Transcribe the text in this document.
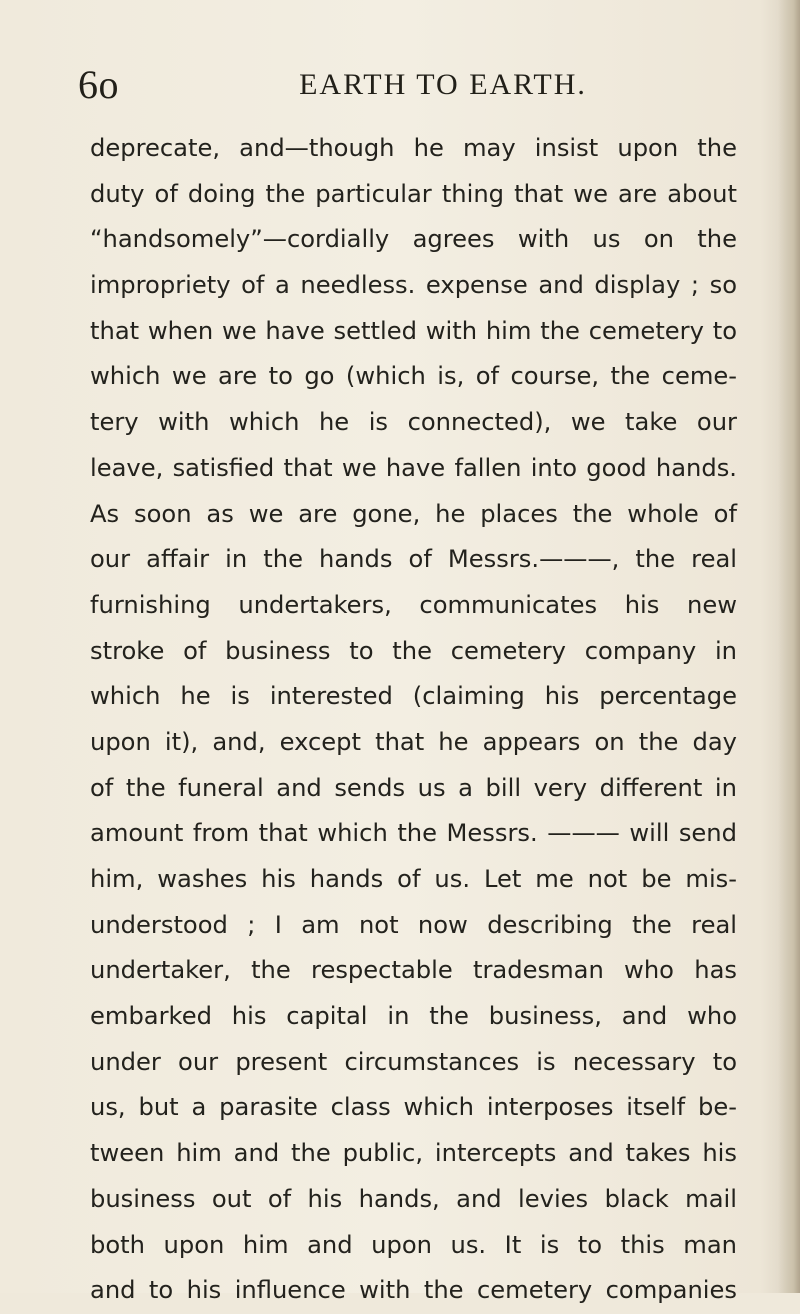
6o	EARTH TO EARTH.
deprecate, and—though he may insist upon the
duty of doing the particular thing that we are about
“handsomely”—cordially agrees with us on the
impropriety of a needless. expense and display ; so
that when we have settled with him the cemetery to
which we are to go (which is, of course, the ceme-
tery with which he is connected), we take our
leave, satisfied that we have fallen into good hands.
As soon as we are gone, he places the whole of
our affair in the hands of Messrs.———, the real
furnishing undertakers, communicates his new
stroke of business to the cemetery company in
which he is interested (claiming his percentage
upon it), and, except that he appears on the day
of the funeral and sends us a bill very different in
amount from that which the Messrs. ——— will send
him, washes his hands of us. Let me not be mis-
understood ; I am not now describing the real
undertaker, the respectable tradesman who has
embarked his capital in the business, and who
under our present circumstances is necessary to
us, but a parasite class which interposes itself be-
tween him and the public, intercepts and takes his
business out of his hands, and levies black mail
both upon him and upon us. It is to this man
and to his influence with the cemetery companies
